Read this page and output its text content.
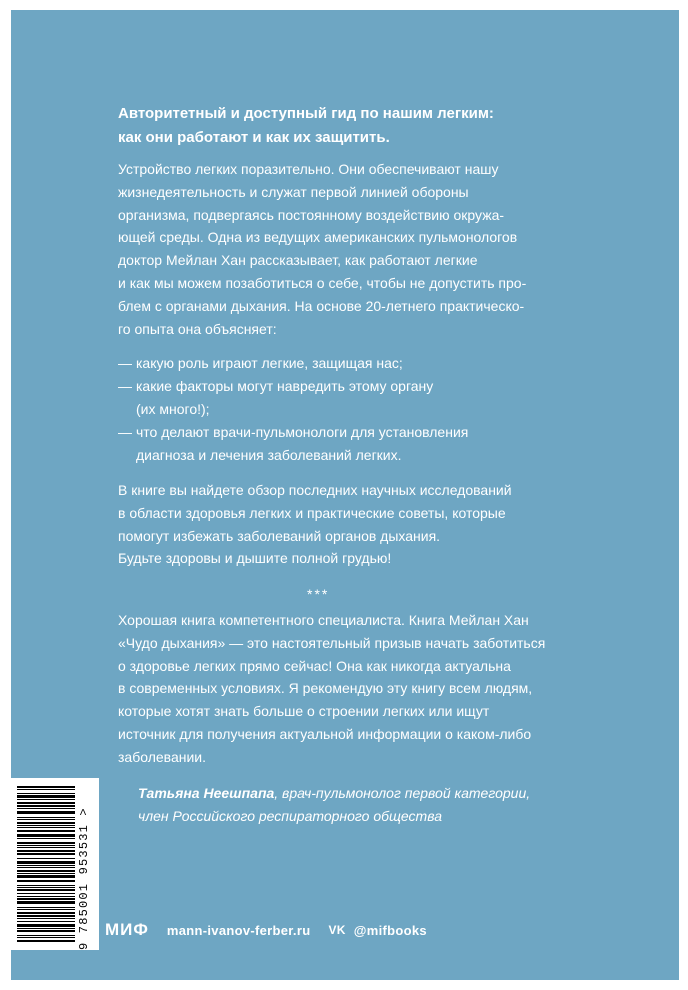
Авторитетный и доступный гид по нашим легким:
как они работают и как их защитить.
Устройство легких поразительно. Они обеспечивают нашу
жизнедеятельность и служат первой линией обороны
организма, подвергаясь постоянному воздействию окружа-
ющей среды. Одна из ведущих американских пульмонологов
доктор Мейлан Хан рассказывает, как работают легкие
и как мы можем позаботиться о себе, чтобы не допустить про-
блем с органами дыхания. На основе 20-летнего практическо-
го опыта она объясняет:
— какую роль играют легкие, защищая нас;
— какие факторы могут навредить этому органу
(их много!);
— что делают врачи-пульмонологи для установления
диагноза и лечения заболеваний легких.
В книге вы найдете обзор последних научных исследований
в области здоровья легких и практические советы, которые
помогут избежать заболеваний органов дыхания.
Будьте здоровы и дышите полной грудью!
***
Хорошая книга компетентного специалиста. Книга Мейлан Хан
«Чудо дыхания» — это настоятельный призыв начать заботиться
о здоровье легких прямо сейчас! Она как никогда актуальна
в современных условиях. Я рекомендую эту книгу всем людям,
которые хотят знать больше о строении легких или ищут
источник для получения актуальной информации о каком-либо
заболевании.
Татьяна Неешпапа, врач-пульмонолог первой категории,
член Российского респираторного общества
9 785001 953531 > МИФ mann-ivanov-ferber.ru VK @mifbooks
